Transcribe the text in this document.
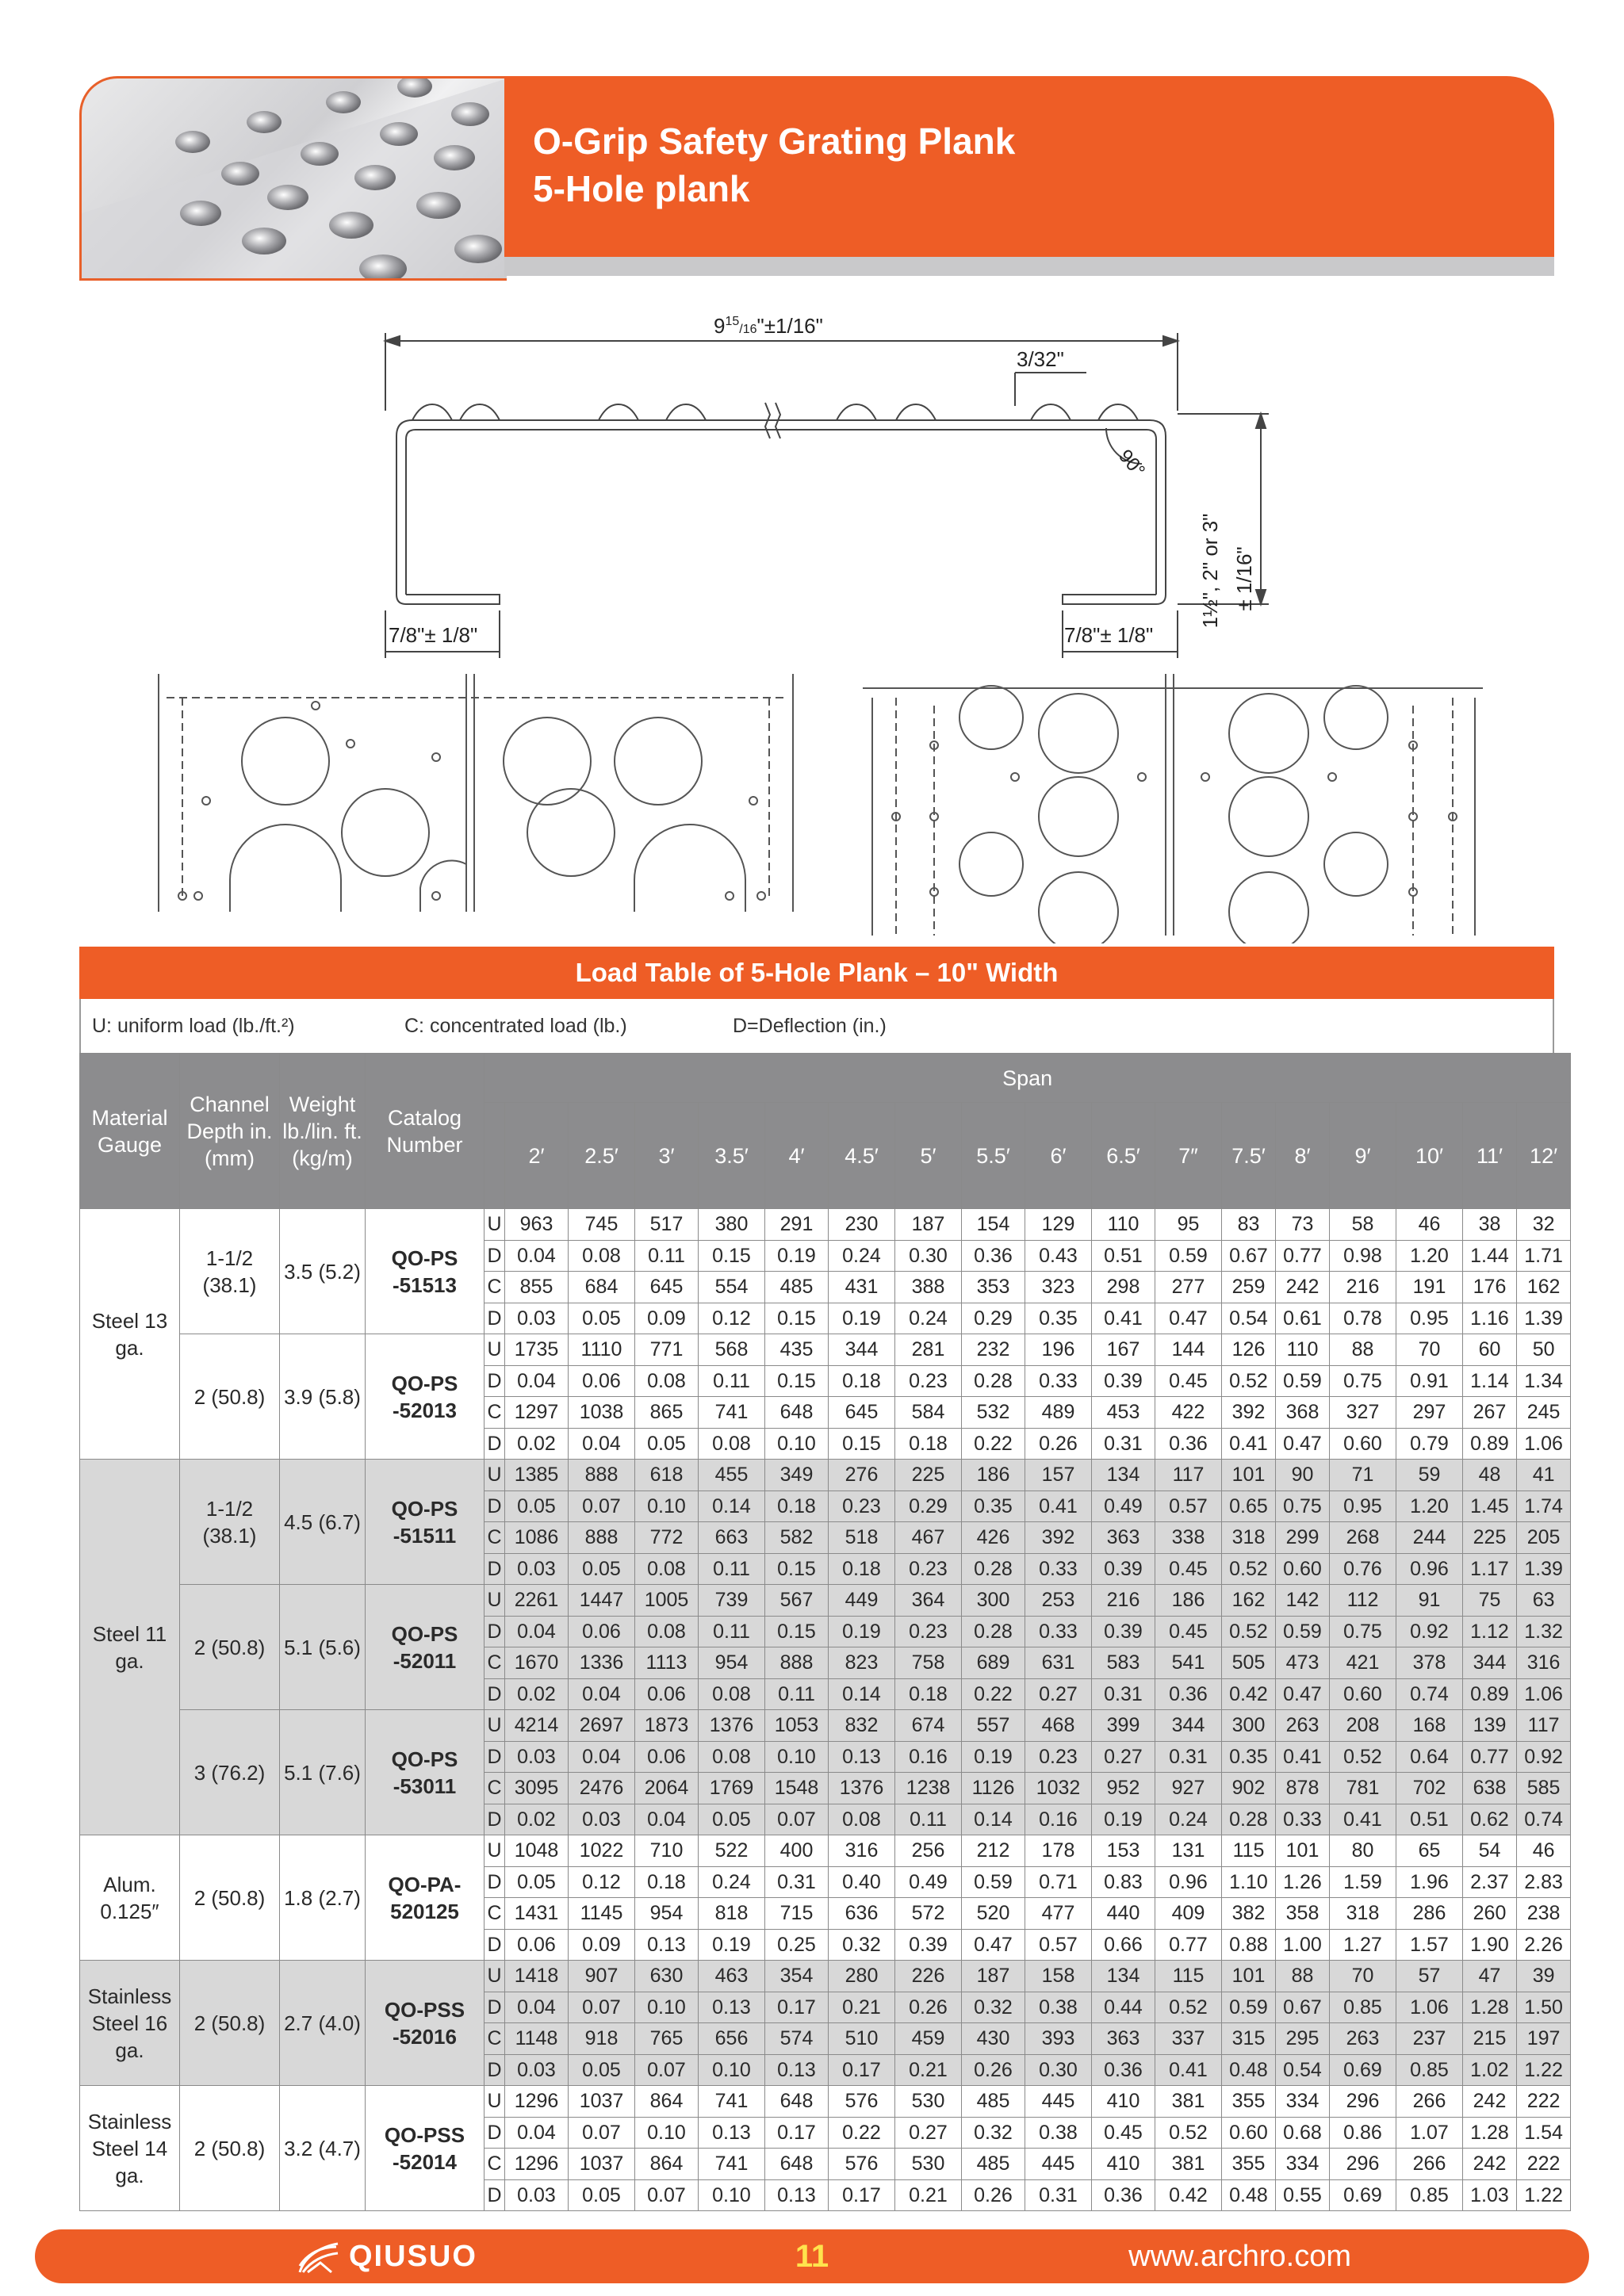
O-Grip Safety Grating Plank
5-Hole plank
$9^{15}_/16"\pm 1/16$"
3/32"
90°
1½", 2" or 3" ± 1/16"
7/8"± 1/8"	7/8"± 1/8"
Load Table of 5-Hole Plank – 10" Width
U: uniform load (lb./ft.²)	C: concentrated load (lb.)	D=Deflection (in.)
Material Gauge	Channel Depth in. (mm)	Weight lb./lin. ft. (kg/m)	Catalog Number	Span																	
					2′	2.5′	3′	3.5′	4′	4.5′	5′	5.5′	6′	6.5′	7″	7.5′	8′	9′	10′	11′	12′
Steel 13 ga.	1-1/2 (38.1)	3.5 (5.2)	QO-PS -51513	U	963	745	517	380	291	230	187	154	129	110	95	83	73	58	46	38	32
				D	0.04	0.08	0.11	0.15	0.19	0.24	0.30	0.36	0.43	0.51	0.59	0.67	0.77	0.98	1.20	1.44	1.71
				C	855	684	645	554	485	431	388	353	323	298	277	259	242	216	191	176	162
				D	0.03	0.05	0.09	0.12	0.15	0.19	0.24	0.29	0.35	0.41	0.47	0.54	0.61	0.78	0.95	1.16	1.39
	2 (50.8)	3.9 (5.8)	QO-PS -52013	U	1735	1110	771	568	435	344	281	232	196	167	144	126	110	88	70	60	50
				D	0.04	0.06	0.08	0.11	0.15	0.18	0.23	0.28	0.33	0.39	0.45	0.52	0.59	0.75	0.91	1.14	1.34
				C	1297	1038	865	741	648	645	584	532	489	453	422	392	368	327	297	267	245
				D	0.02	0.04	0.05	0.08	0.10	0.15	0.18	0.22	0.26	0.31	0.36	0.41	0.47	0.60	0.79	0.89	1.06
Steel 11 ga.	1-1/2 (38.1)	4.5 (6.7)	QO-PS -51511	U	1385	888	618	455	349	276	225	186	157	134	117	101	90	71	59	48	41
				D	0.05	0.07	0.10	0.14	0.18	0.23	0.29	0.35	0.41	0.49	0.57	0.65	0.75	0.95	1.20	1.45	1.74
				C	1086	888	772	663	582	518	467	426	392	363	338	318	299	268	244	225	205
				D	0.03	0.05	0.08	0.11	0.15	0.18	0.23	0.28	0.33	0.39	0.45	0.52	0.60	0.76	0.96	1.17	1.39
	2 (50.8)	5.1 (5.6)	QO-PS -52011	U	2261	1447	1005	739	567	449	364	300	253	216	186	162	142	112	91	75	63
				D	0.04	0.06	0.08	0.11	0.15	0.19	0.23	0.28	0.33	0.39	0.45	0.52	0.59	0.75	0.92	1.12	1.32
				C	1670	1336	1113	954	888	823	758	689	631	583	541	505	473	421	378	344	316
				D	0.02	0.04	0.06	0.08	0.11	0.14	0.18	0.22	0.27	0.31	0.36	0.42	0.47	0.60	0.74	0.89	1.06
	3 (76.2)	5.1 (7.6)	QO-PS -53011	U	4214	2697	1873	1376	1053	832	674	557	468	399	344	300	263	208	168	139	117
				D	0.03	0.04	0.06	0.08	0.10	0.13	0.16	0.19	0.23	0.27	0.31	0.35	0.41	0.52	0.64	0.77	0.92
				C	3095	2476	2064	1769	1548	1376	1238	1126	1032	952	927	902	878	781	702	638	585
				D	0.02	0.03	0.04	0.05	0.07	0.08	0.11	0.14	0.16	0.19	0.24	0.28	0.33	0.41	0.51	0.62	0.74
Alum. 0.125″	2 (50.8)	1.8 (2.7)	QO-PA- 520125	U	1048	1022	710	522	400	316	256	212	178	153	131	115	101	80	65	54	46
				D	0.05	0.12	0.18	0.24	0.31	0.40	0.49	0.59	0.71	0.83	0.96	1.10	1.26	1.59	1.96	2.37	2.83
				C	1431	1145	954	818	715	636	572	520	477	440	409	382	358	318	286	260	238
				D	0.06	0.09	0.13	0.19	0.25	0.32	0.39	0.47	0.57	0.66	0.77	0.88	1.00	1.27	1.57	1.90	2.26
Stainless Steel 16 ga.	2 (50.8)	2.7 (4.0)	QO-PSS -52016	U	1418	907	630	463	354	280	226	187	158	134	115	101	88	70	57	47	39
				D	0.04	0.07	0.10	0.13	0.17	0.21	0.26	0.32	0.38	0.44	0.52	0.59	0.67	0.85	1.06	1.28	1.50
				C	1148	918	765	656	574	510	459	430	393	363	337	315	295	263	237	215	197
				D	0.03	0.05	0.07	0.10	0.13	0.17	0.21	0.26	0.30	0.36	0.41	0.48	0.54	0.69	0.85	1.02	1.22
Stainless Steel 14 ga.	2 (50.8)	3.2 (4.7)	QO-PSS -52014	U	1296	1037	864	741	648	576	530	485	445	410	381	355	334	296	266	242	222
				D	0.04	0.07	0.10	0.13	0.17	0.22	0.27	0.32	0.38	0.45	0.52	0.60	0.68	0.86	1.07	1.28	1.54
				C	1296	1037	864	741	648	576	530	485	445	410	381	355	334	296	266	242	222
				D	0.03	0.05	0.07	0.10	0.13	0.17	0.21	0.26	0.31	0.36	0.42	0.48	0.55	0.69	0.85	1.03	1.22
QIUSUO	11	www.archro.com
